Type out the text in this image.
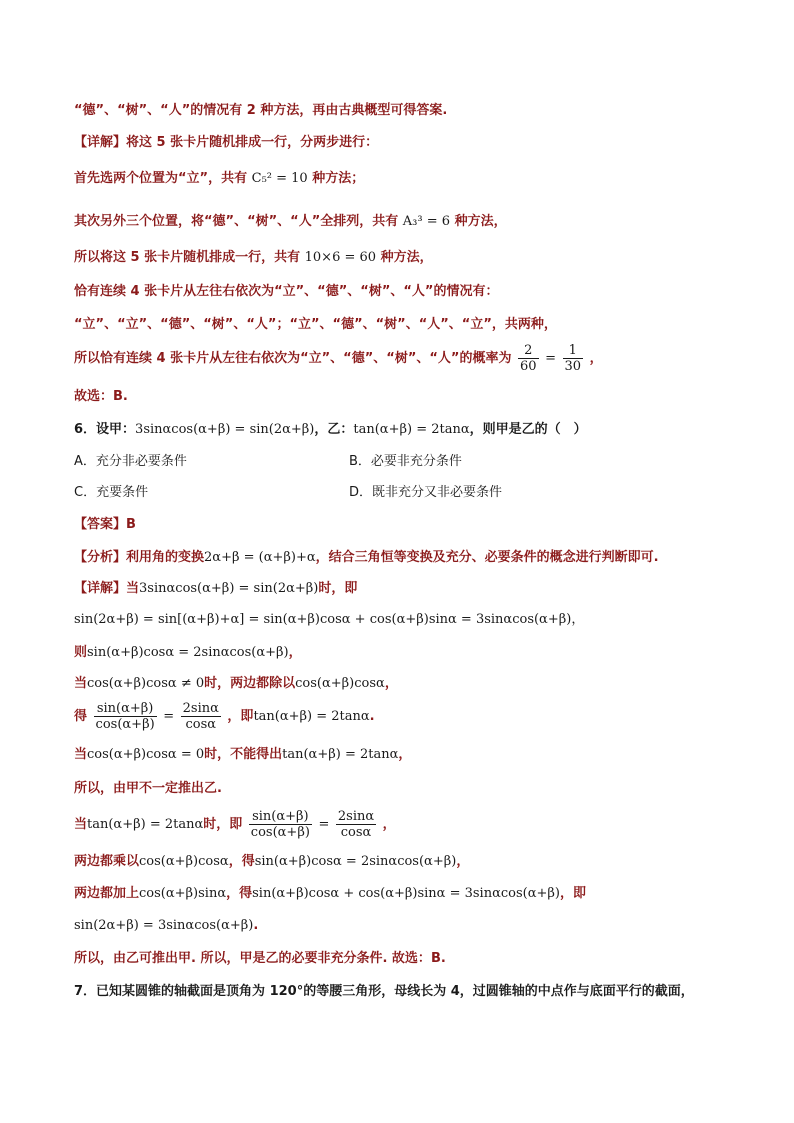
“德”、“树”、“人”的情况有 2 种方法，再由古典概型可得答案.
【详解】将这 5 张卡片随机排成一行，分两步进行：
首先选两个位置为“立”，共有 C₅² = 10 种方法；
其次另外三个位置，将“德”、“树”、“人”全排列，共有 A₃³ = 6 种方法，
所以将这 5 张卡片随机排成一行，共有 10×6 = 60 种方法，
恰有连续 4 张卡片从左往右依次为“立”、“德”、“树”、“人”的情况有：
“立”、“立”、“德”、“树”、“人”；“立”、“德”、“树”、“人”、“立”，共两种，
所以恰有连续 4 张卡片从左往右依次为“立”、“德”、“树”、“人”的概率为 $\frac{2}{60} = \frac{1}{30}$ ，
故选：B.
6．设甲：3sinαcos(α+β) = sin(2α+β)，乙：tan(α+β) = 2tanα，则甲是乙的（　）
A．充分非必要条件	B．必要非充分条件
C．充要条件	D．既非充分又非必要条件
【答案】B
【分析】利用角的变换2α+β = (α+β)+α，结合三角恒等变换及充分、必要条件的概念进行判断即可.
【详解】当3sinαcos(α+β) = sin(2α+β)时，即
sin(2α+β) = sin[(α+β)+α] = sin(α+β)cosα + cos(α+β)sinα = 3sinαcos(α+β)，
则sin(α+β)cosα = 2sinαcos(α+β)，
当cos(α+β)cosα ≠ 0时，两边都除以cos(α+β)cosα，
得 $\frac{\sin(\alpha+\beta)}{\cos(\alpha+\beta)} = \frac{2\sin\alpha}{\cos\alpha}$ ，即tan(α+β) = 2tanα.
当cos(α+β)cosα = 0时，不能得出tan(α+β) = 2tanα，
所以，由甲不一定推出乙.
当tan(α+β) = 2tanα时，即 $\frac{\sin(\alpha+\beta)}{\cos(\alpha+\beta)} = \frac{2\sin\alpha}{\cos\alpha}$ ，
两边都乘以cos(α+β)cosα，得sin(α+β)cosα = 2sinαcos(α+β)，
两边都加上cos(α+β)sinα，得sin(α+β)cosα + cos(α+β)sinα = 3sinαcos(α+β)，即
sin(2α+β) = 3sinαcos(α+β).
所以，由乙可推出甲. 所以，甲是乙的必要非充分条件. 故选：B.
7．已知某圆锥的轴截面是顶角为 120°的等腰三角形，母线长为 4，过圆锥轴的中点作与底面平行的截面，
